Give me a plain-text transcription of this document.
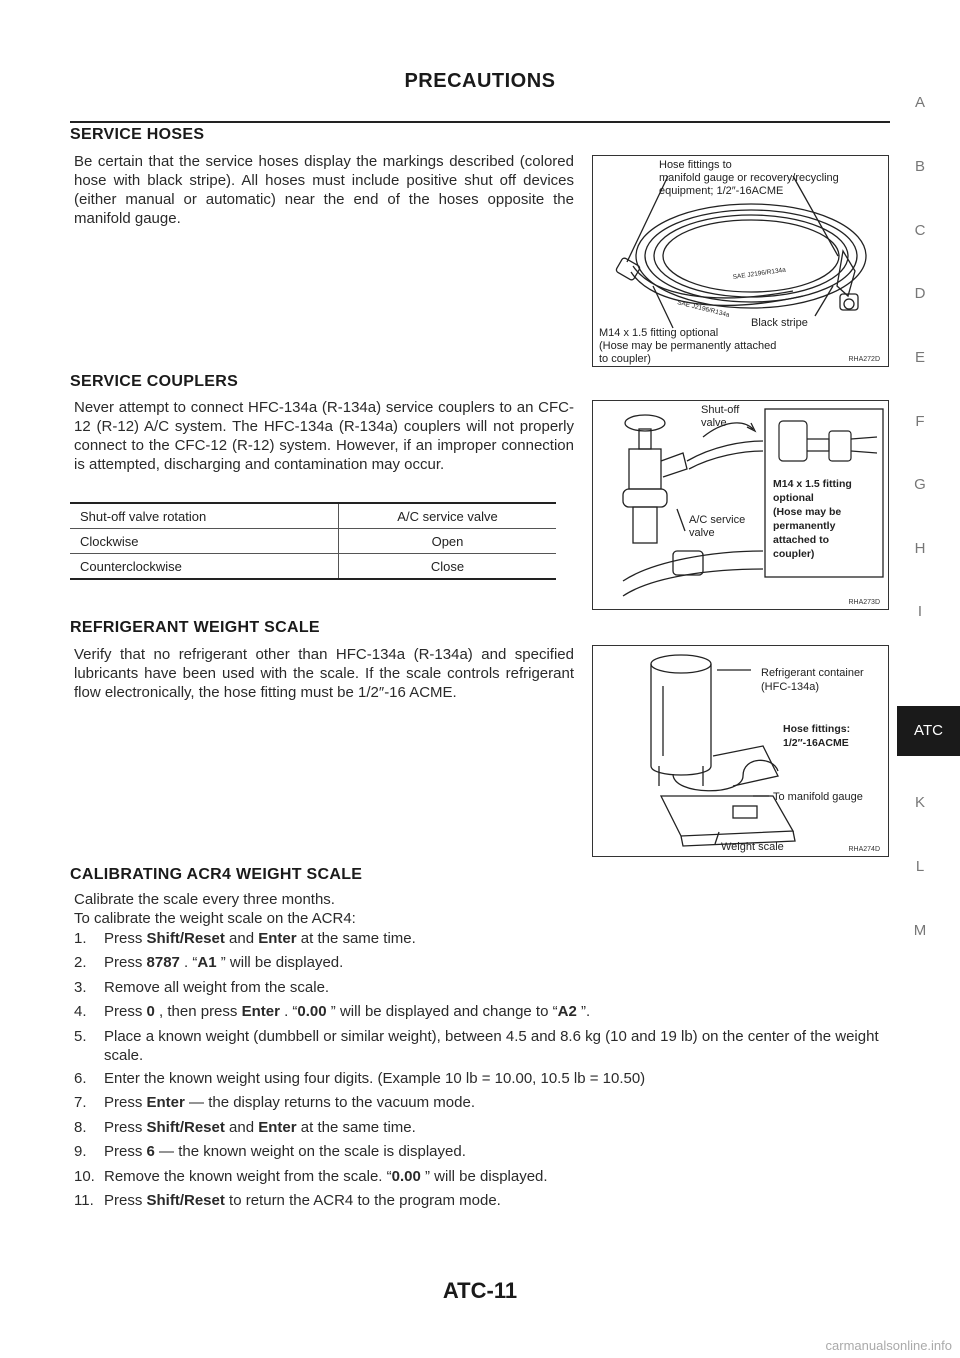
PRECAUTIONS
SERVICE HOSES
Be certain that the service hoses display the markings described (colored hose with black stripe). All hoses must include positive shut off devices (either manual or automatic) near the end of the hoses opposite the manifold gauge.
Hose fittings to
manifold gauge or recovery/recycling
equipment; 1/2″-16ACME
SAE J2196/R134a
SAE J2196/R134a
Black stripe
M14 x 1.5 fitting optional
(Hose may be permanently attached
to coupler)	RHA272D
SERVICE COUPLERS
Never attempt to connect HFC-134a (R-134a) service couplers to an CFC-12 (R-12) A/C system. The HFC-134a (R-134a) couplers will not properly connect to the CFC-12 (R-12) system. However, if an improper connection is attempted, discharging and contamination may occur.
Shut-off valve rotation	A/C service valve
Clockwise	Open
Counterclockwise	Close
Shut-off
valve
A/C service
valve
M14 x 1.5 fitting
optional
(Hose may be
permanently
attached to
coupler)
RHA273D
REFRIGERANT WEIGHT SCALE
Verify that no refrigerant other than HFC-134a (R-134a) and specified lubricants have been used with the scale. If the scale controls refrigerant flow electronically, the hose fitting must be 1/2″-16 ACME.
Refrigerant container
(HFC-134a)
Hose fittings:
1/2″-16ACME
To manifold gauge
Weight scale	RHA274D
CALIBRATING ACR4 WEIGHT SCALE
Calibrate the scale every three months.
To calibrate the weight scale on the ACR4:
1.	Press Shift/Reset and Enter at the same time.
2.	Press 8787 . “A1 ” will be displayed.
3.	Remove all weight from the scale.
4.	Press 0 , then press Enter . “0.00 ” will be displayed and change to “A2 ”.
5.	Place a known weight (dumbbell or similar weight), between 4.5 and 8.6 kg (10 and 19 lb) on the center of the weight scale.
6.	Enter the known weight using four digits. (Example 10 lb = 10.00, 10.5 lb = 10.50)
7.	Press Enter — the display returns to the vacuum mode.
8.	Press Shift/Reset and Enter at the same time.
9.	Press 6 — the known weight on the scale is displayed.
10. Remove the known weight from the scale. “0.00 ” will be displayed.
11. Press Shift/Reset to return the ACR4 to the program mode.
A
B
C
D
E
F
G
H
I
K
L
M
ATC
ATC-11
carmanualsonline.info
